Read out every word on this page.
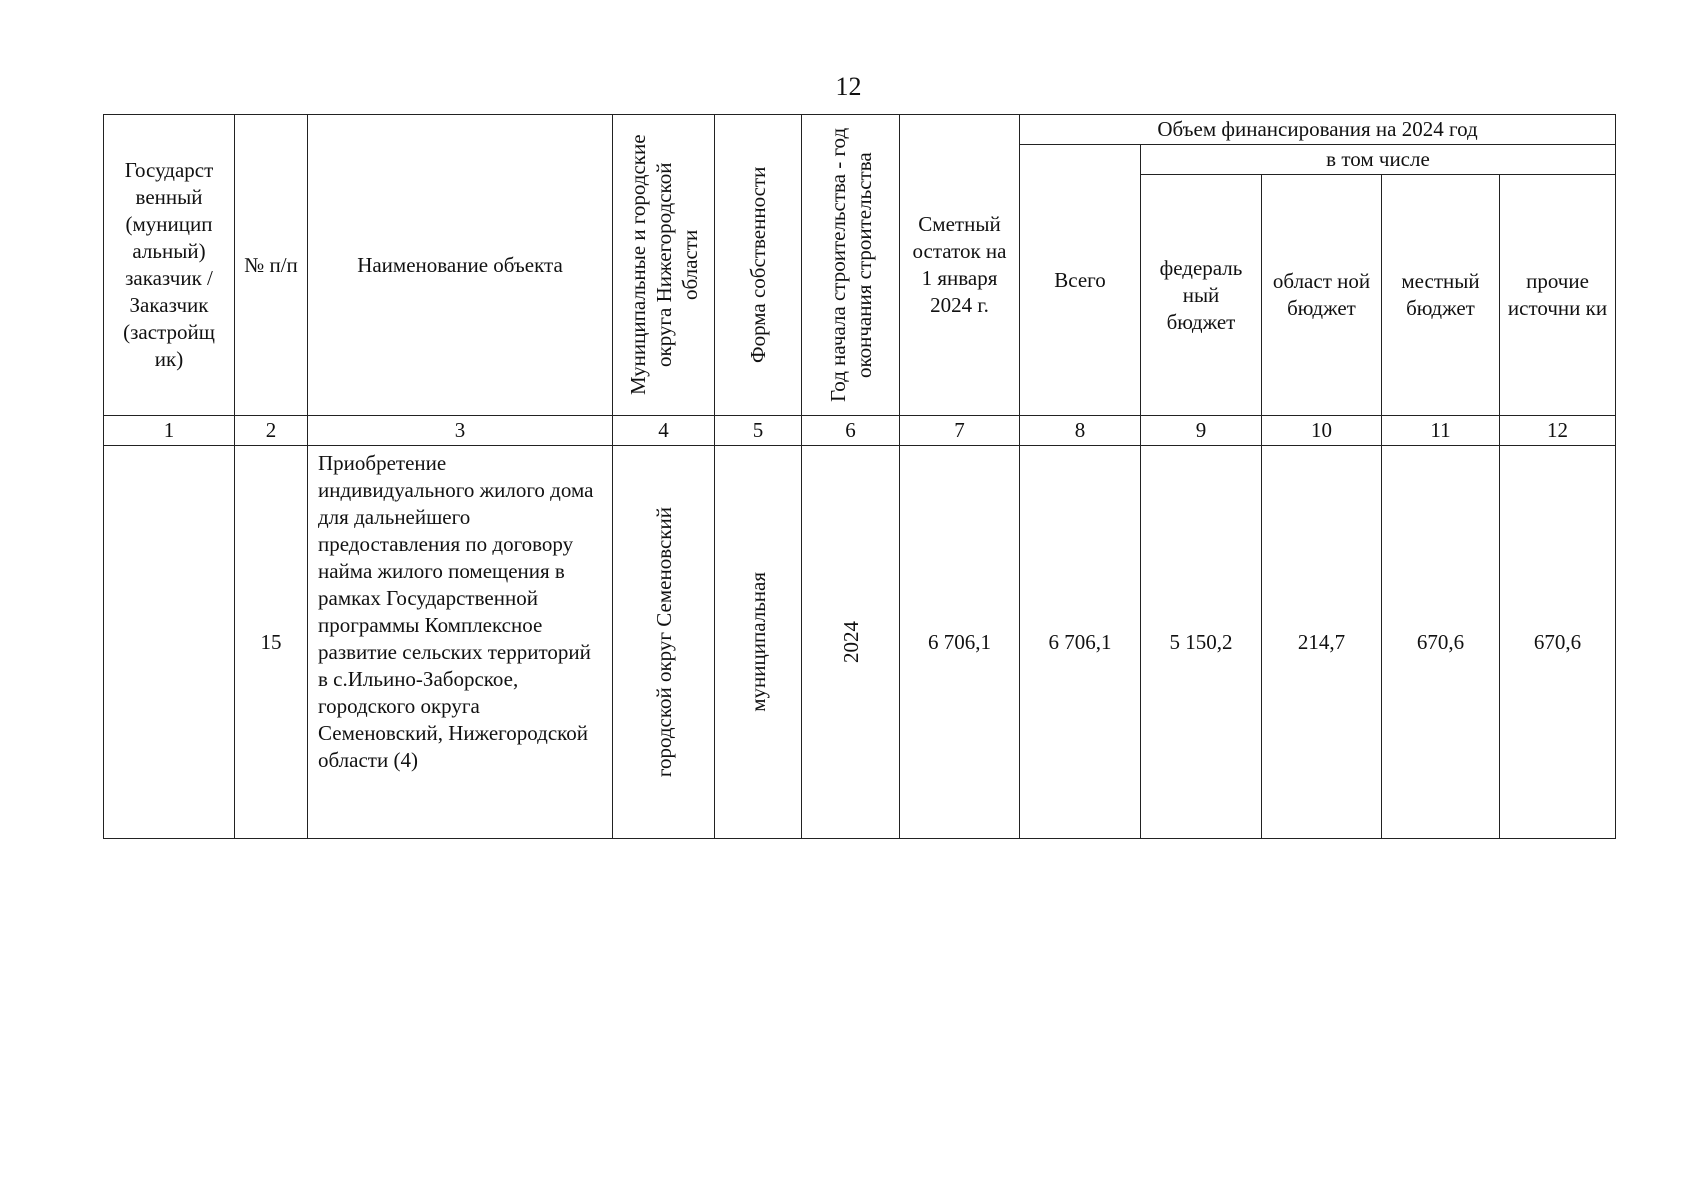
12
Государст венный (муницип альный) заказчик / Заказчик (застройщ ик)	№ п/п	Наименование объекта	Муниципальные и городские округа Нижегородской области	Форма собственности	Год начала строительства - год окончания строительства	Сметный остаток на 1 января 2024 г.	Объем финансирования на 2024 год				
							Всего	в том числе			

								федераль ный бюджет	област ной бюджет	местный бюджет	прочие источни ки

1	2	3	4	5	6	7	8	9	10	11	12
	15	Приобретение индивидуального жилого дома для дальнейшего предоставления по договору найма жилого помещения в рамках Государственной программы Комплексное развитие сельских территорий в с.Ильино-Заборское, городского округа Семеновский, Нижегородской области (4)	городской округ Семеновский	муниципальная	2024	6 706,1	6 706,1	5 150,2	214,7	670,6	670,6
